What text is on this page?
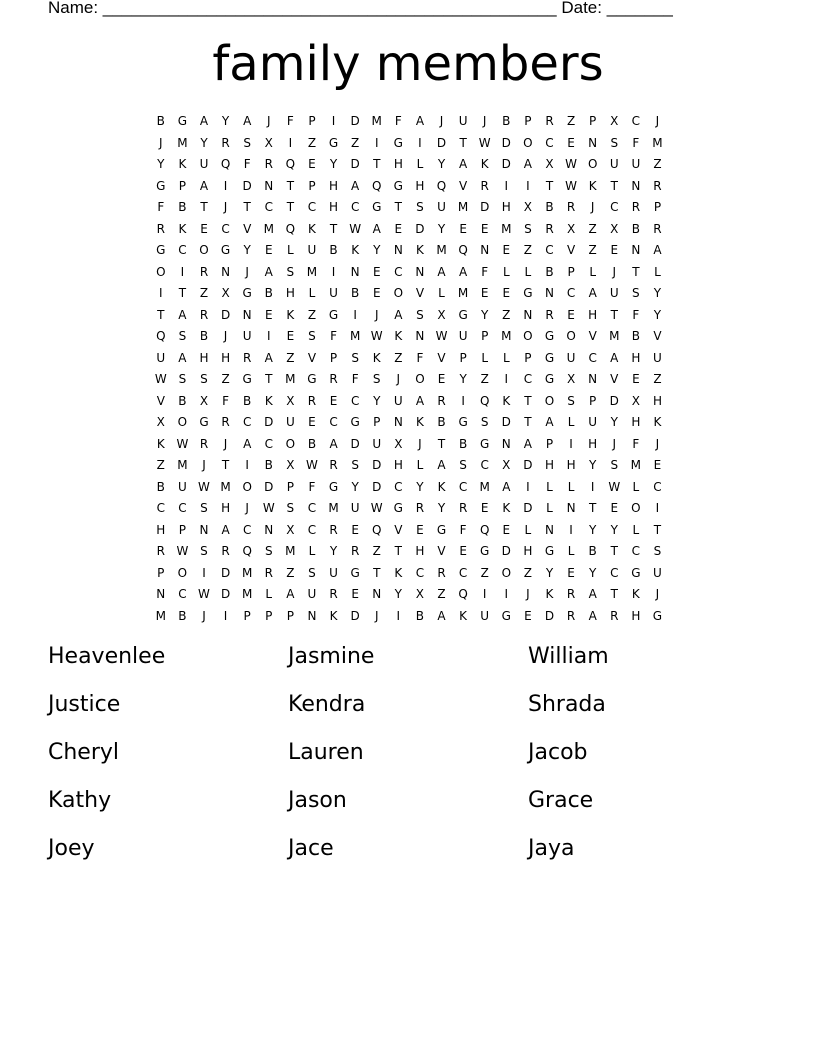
Name: ________________________________________________ Date: _______
family members
B	G	A	Y	A	J	F	P	I	D M	F	A	J	U	J	B	P	R	Z	P	X	C	J
J	M	Y	R	S	X	I	Z	G	Z	I	G	I	D	T W D	O	C	E	N	S	F	M
Y	K	U	Q	F	R	Q	E	Y	D	T	H	L	Y	A	K	D	A	X W O	U	U	Z
G	P	A	I	D	N	T	P	H	A	Q	G	H	Q	V	R	I	I	T W K	T	N	R
F	B	T	J	T	C	T	C	H	C	G	T	S	U	M D	H	X	B	R	J	C	R	P
R	K	E	C	V	M Q	K	T W A	E	D	Y	E	E	M	S	R	X	Z	X	B	R
G	C	O	G	Y	E	L	U	B	K	Y	N	K	M Q	N	E	Z	C	V	Z	E	N	A
O	I	R	N	J	A	S	M	I	N	E	C	N	A	A	F	L	L	B	P	L	J	T	L
I	T	Z	X	G	B	H	L	U	B	E	O	V	L	M	E	E	G	N	C	A	U	S	Y
T	A	R	D	N	E	K	Z	G	I	J	A	S	X	G	Y	Z	N	R	E	H	T	F	Y
Q	S	B	J	U	I	E	S	F	M W K	N W U	P	M O	G	O	V	M	B	V
U	A	H	H	R	A	Z	V	P	S	K	Z	F	V	P	L	L	P	G	U	C	A	H	U
W S	S	Z	G	T	M G	R	F	S	J	O	E	Y	Z	I	C	G	X	N	V	E	Z
V	B	X	F	B	K	X	R	E	C	Y	U	A	R	I	Q	K	T	O	S	P	D	X	H
X	O	G	R	C	D	U	E	C	G	P	N	K	B	G	S	D	T	A	L	U	Y	H	K
K W R	J	A	C	O	B	A	D	U	X	J	T	B	G	N	A	P	I	H	J	F	J
Z	M	J	T	I	B	X W R	S	D	H	L	A	S	C	X	D	H	H	Y	S	M	E
B	U W M O	D	P	F	G	Y	D	C	Y	K	C	M	A	I	L	L	I	W	L	C
C	C	S	H	J	W S	C	M	U W G	R	Y	R	E	K	D	L	N	T	E	O	I
H	P	N	A	C	N	X	C	R	E	Q	V	E	G	F	Q	E	L	N	I	Y	Y	L	T
R W S	R	Q	S	M	L	Y	R	Z	T	H	V	E	G	D	H	G	L	B	T	C	S
P	O	I	D M	R	Z	S	U	G	T	K	C	R	C	Z	O	Z	Y	E	Y	C	G	U
N	C W D M	L	A	U	R	E	N	Y	X	Z	Q	I	I	J	K	R	A	T	K	J
M	B	J	I	P	P	P	N	K	D	J	I	B	A	K	U	G	E	D	R	A	R	H	G
Heavenlee	Jasmine	William
Justice	Kendra	Shrada
Cheryl	Lauren	Jacob
Kathy	Jason	Grace
Joey	Jace	Jaya
